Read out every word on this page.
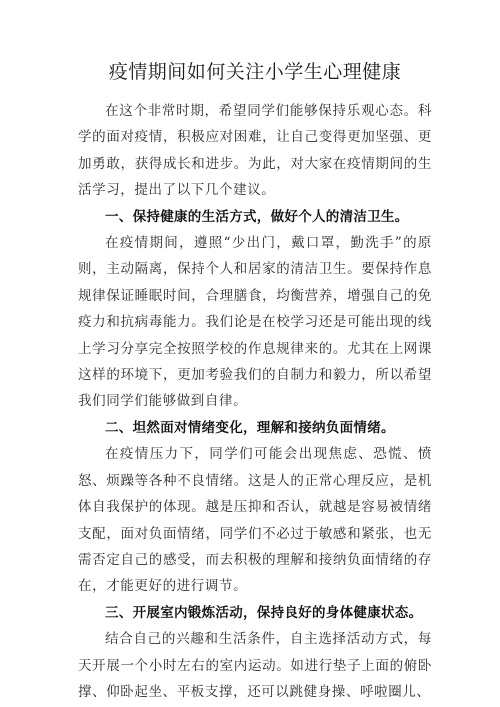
疫情期间如何关注小学生心理健康

在这个非常时期，希望同学们能够保持乐观心态。科学的面对疫情，积极应对困难，让自己变得更加坚强、更加勇敢，获得成长和进步。为此，对大家在疫情期间的生活学习，提出了以下几个建议。

一、保持健康的生活方式，做好个人的清洁卫生。

在疫情期间，遵照“少出门，戴口罩，勤洗手”的原则，主动隔离，保持个人和居家的清洁卫生。要保持作息规律保证睡眠时间，合理膳食，均衡营养，增强自己的免疫力和抗病毒能力。我们论是在校学习还是可能出现的线上学习分享完全按照学校的作息规律来的。尤其在上网课这样的环境下，更加考验我们的自制力和毅力，所以希望我们同学们能够做到自律。

二、坦然面对情绪变化，理解和接纳负面情绪。

在疫情压力下，同学们可能会出现焦虑、恐慌、愤怒、烦躁等各种不良情绪。这是人的正常心理反应，是机体自我保护的体现。越是压抑和否认，就越是容易被情绪支配，面对负面情绪，同学们不必过于敏感和紧张，也无需否定自己的感受，而去积极的理解和接纳负面情绪的存在，才能更好的进行调节。

三、开展室内锻炼活动，保持良好的身体健康状态。

结合自己的兴趣和生活条件，自主选择活动方式，每天开展一个小时左右的室内运动。如进行垫子上面的俯卧撑、仰卧起坐、平板支撑，还可以跳健身操、呼啦圈儿、
